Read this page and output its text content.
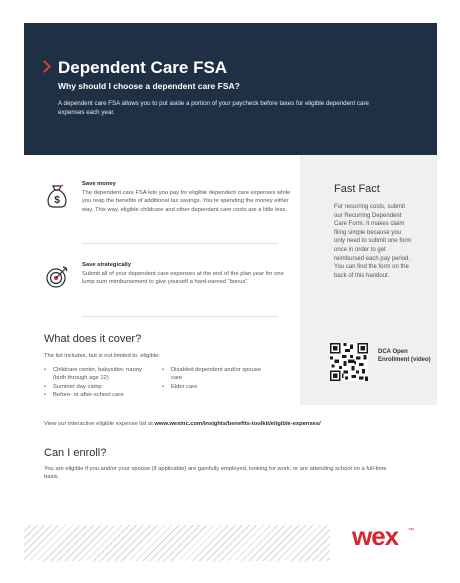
Dependent Care FSA
Why should I choose a dependent care FSA?

A dependent care FSA allows you to put aside a portion of your paycheck before taxes for eligible dependent care expenses each year.

Fast Fact

For recurring costs, submit our Recurring Dependent Care Form. It makes claim filing simple because you only need to submit one form once in order to get reimbursed each pay period. You can find the form on the back of this handout.

$
Save money

The dependent care FSA lets you pay for eligible dependent care expenses while you reap the benefits of additional tax savings. You're spending the money either way. This way, eligible childcare and other dependent care costs are a little less.

Save strategically

Submit all of your dependent care expenses at the end of the plan year for one lump sum reimbursement to give yourself a hard-earned “bonus”.

What does it cover?

The list includes, but is not limited to, eligible:

• Childcare center, babysitter, nanny (birth through age 12)
• Summer day camp
• Before- or after-school care
• Disabled dependent and/or spouse care
• Elder care

DCA Open Enrollment (video)

View our interactive eligible expense list at www.wexinc.com/insights/benefits-toolkit/eligible-expenses/

Can I enroll?

You are eligible if you and/or your spouse (if applicable) are gainfully employed, looking for work, or are attending school on a full-time basis.

wex ™
